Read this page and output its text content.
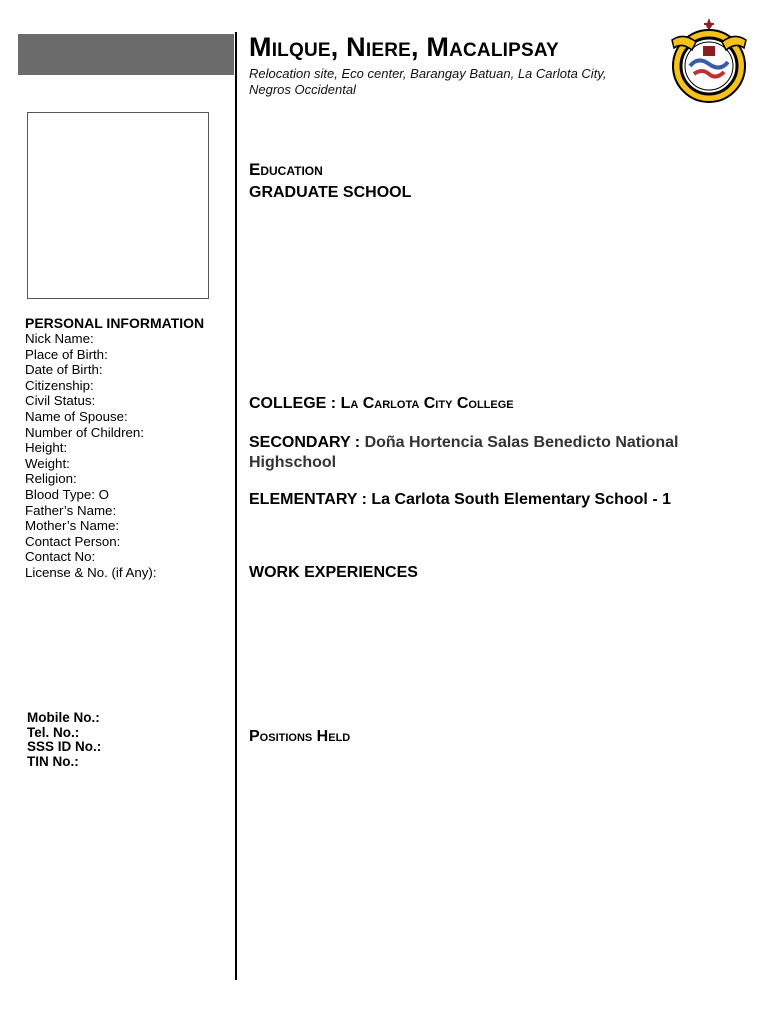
Milque, Niere, Macalipsay
Relocation site, Eco center, Barangay Batuan, La Carlota City, Negros Occidental
Education
GRADUATE SCHOOL
COLLEGE : La Carlota City College
SECONDARY : Doña Hortencia Salas Benedicto National Highschool
ELEMENTARY : La Carlota South Elementary School - 1
WORK EXPERIENCES
Positions Held
PERSONAL INFORMATION
Nick Name:
Place of Birth:
Date of Birth:
Citizenship:
Civil Status:
Name of Spouse:
Number of Children:
Height:
Weight:
Religion:
Blood Type: O
Father’s Name:
Mother’s Name:
Contact Person:
Contact No:
License & No. (if Any):
Mobile No.:
Tel. No.:
SSS ID No.:
TIN No.:
